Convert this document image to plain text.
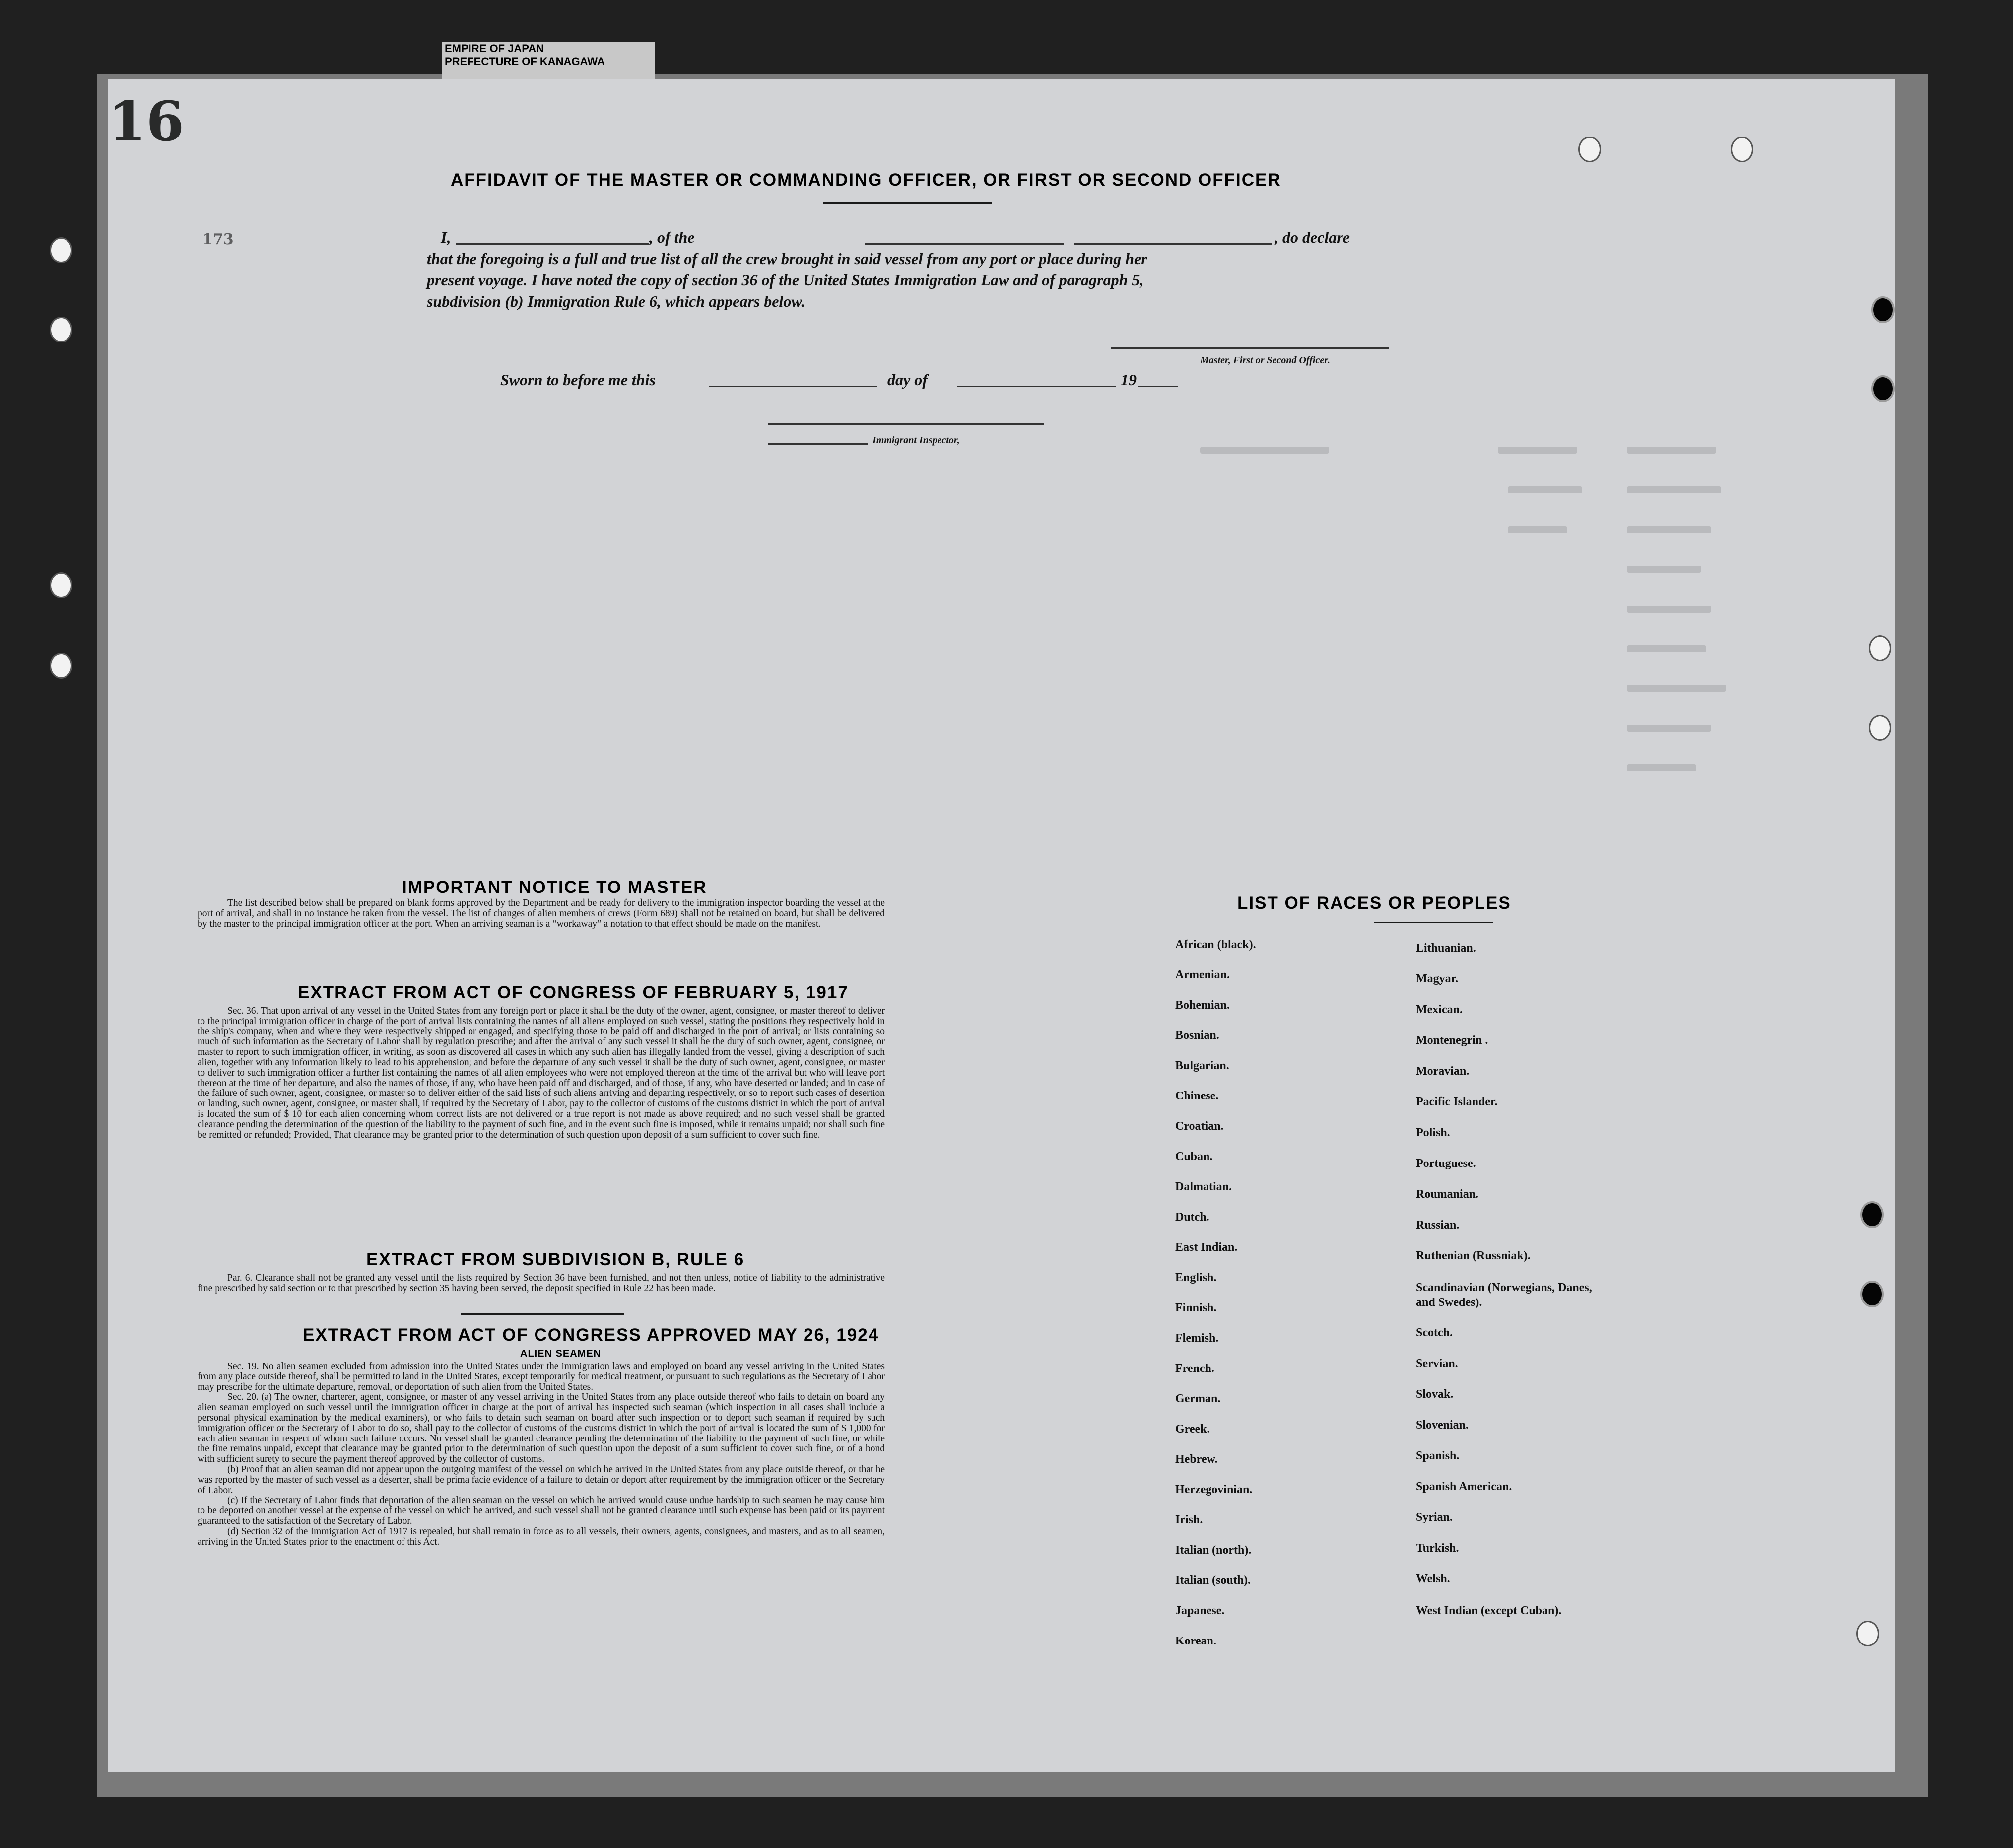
EMPIRE OF JAPAN
PREFECTURE OF KANAGAWA
16
173
AFFIDAVIT OF THE MASTER OR COMMANDING OFFICER, OR FIRST OR SECOND OFFICER
I,	, of the	, do declare
that the foregoing is a full and true list of all the crew brought in said vessel from any port or place during her
present voyage. I have noted the copy of section 36 of the United States Immigration Law and of paragraph 5,
subdivision (b) Immigration Rule 6, which appears below.
Master, First or Second Officer.
Sworn to before me this	day of	19
Immigrant Inspector,
IMPORTANT NOTICE TO MASTER

The list described below shall be prepared on blank forms approved by the Department and be ready for delivery to the immigration inspector boarding the vessel at the port of arrival, and shall in no instance be taken from the vessel. The list of changes of alien members of crews (Form 689) shall not be retained on board, but shall be delivered by the master to the principal immigration officer at the port. When an arriving seaman is a “workaway” a notation to that effect should be made on the manifest.

EXTRACT FROM ACT OF CONGRESS OF FEBRUARY 5, 1917

Sec. 36. That upon arrival of any vessel in the United States from any foreign port or place it shall be the duty of the owner, agent, consignee, or master thereof to deliver to the principal immigration officer in charge of the port of arrival lists containing the names of all aliens employed on such vessel, stating the positions they respectively hold in the ship's company, when and where they were respectively shipped or engaged, and specifying those to be paid off and discharged in the port of arrival; or lists containing so much of such information as the Secretary of Labor shall by regulation prescribe; and after the arrival of any such vessel it shall be the duty of such owner, agent, consignee, or master to report to such immigration officer, in writing, as soon as discovered all cases in which any such alien has illegally landed from the vessel, giving a description of such alien, together with any information likely to lead to his apprehension; and before the departure of any such vessel it shall be the duty of such owner, agent, consignee, or master to deliver to such immigration officer a further list containing the names of all alien employees who were not employed thereon at the time of the arrival but who will leave port thereon at the time of her departure, and also the names of those, if any, who have been paid off and discharged, and of those, if any, who have deserted or landed; and in case of the failure of such owner, agent, consignee, or master so to deliver either of the said lists of such aliens arriving and departing respectively, or so to report such cases of desertion or landing, such owner, agent, consignee, or master shall, if required by the Secretary of Labor, pay to the collector of customs of the customs district in which the port of arrival is located the sum of $ 10 for each alien concerning whom correct lists are not delivered or a true report is not made as above required; and no such vessel shall be granted clearance pending the determination of the question of the liability to the payment of such fine, and in the event such fine is imposed, while it remains unpaid; nor shall such fine be remitted or refunded; Provided, That clearance may be granted prior to the determination of such question upon deposit of a sum sufficient to cover such fine.

EXTRACT FROM SUBDIVISION B, RULE 6

Par. 6. Clearance shall not be granted any vessel until the lists required by Section 36 have been furnished, and not then unless, notice of liability to the administrative fine prescribed by said section or to that prescribed by section 35 having been served, the deposit specified in Rule 22 has been made.

EXTRACT FROM ACT OF CONGRESS APPROVED MAY 26, 1924
ALIEN SEAMEN

Sec. 19. No alien seamen excluded from admission into the United States under the immigration laws and employed on board any vessel arriving in the United States from any place outside thereof, shall be permitted to land in the United States, except temporarily for medical treatment, or pursuant to such regulations as the Secretary of Labor may prescribe for the ultimate departure, removal, or deportation of such alien from the United States.

Sec. 20. (a) The owner, charterer, agent, consignee, or master of any vessel arriving in the United States from any place outside thereof who fails to detain on board any alien seaman employed on such vessel until the immigration officer in charge at the port of arrival has inspected such seaman (which inspection in all cases shall include a personal physical examination by the medical examiners), or who fails to detain such seaman on board after such inspection or to deport such seaman if required by such immigration officer or the Secretary of Labor to do so, shall pay to the collector of customs of the customs district in which the port of arrival is located the sum of $ 1,000 for each alien seaman in respect of whom such failure occurs. No vessel shall be granted clearance pending the determination of the liability to the payment of such fine, or while the fine remains unpaid, except that clearance may be granted prior to the determination of such question upon the deposit of a sum sufficient to cover such fine, or of a bond with sufficient surety to secure the payment thereof approved by the collector of customs.

(b) Proof that an alien seaman did not appear upon the outgoing manifest of the vessel on which he arrived in the United States from any place outside thereof, or that he was reported by the master of such vessel as a deserter, shall be prima facie evidence of a failure to detain or deport after requirement by the immigration officer or the Secretary of Labor.

(c) If the Secretary of Labor finds that deportation of the alien seaman on the vessel on which he arrived would cause undue hardship to such seamen he may cause him to be deported on another vessel at the expense of the vessel on which he arrived, and such vessel shall not be granted clearance until such expense has been paid or its payment guaranteed to the satisfaction of the Secretary of Labor.

(d) Section 32 of the Immigration Act of 1917 is repealed, but shall remain in force as to all vessels, their owners, agents, consignees, and masters, and as to all seamen, arriving in the United States prior to the enactment of this Act.

LIST OF RACES OR PEOPLES
African (black).
Armenian.
Bohemian.
Bosnian.
Bulgarian.
Chinese.
Croatian.
Cuban.
Dalmatian.
Dutch.
East Indian.
English.
Finnish.
Flemish.
French.
German.
Greek.
Hebrew.
Herzegovinian.
Irish.
Italian (north).
Italian (south).
Japanese.
Korean.
Lithuanian.
Magyar.
Mexican.
Montenegrin .
Moravian.
Pacific Islander.
Polish.
Portuguese.
Roumanian.
Russian.
Ruthenian (Russniak).
Scandinavian (Norwegians, Danes, and Swedes).
Scotch.
Servian.
Slovak.
Slovenian.
Spanish.
Spanish American.
Syrian.
Turkish.
Welsh.
West Indian (except Cuban).
